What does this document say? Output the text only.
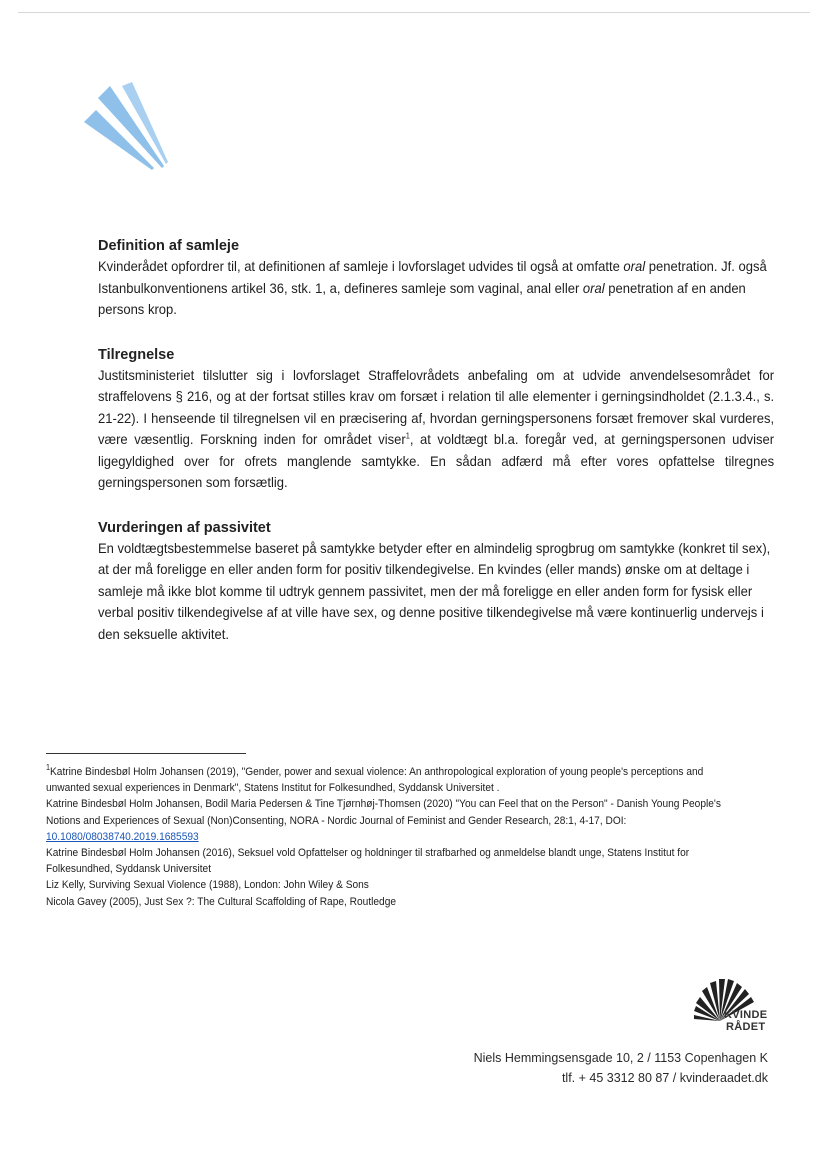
Definition af samleje
Kvinderådet opfordrer til, at definitionen af samleje i lovforslaget udvides til også at omfatte oral penetration. Jf. også Istanbulkonventionens artikel 36, stk. 1, a, defineres samleje som vaginal, anal eller oral penetration af en anden persons krop.
Tilregnelse
Justitsministeriet tilslutter sig i lovforslaget Straffelovrådets anbefaling om at udvide anvendelsesområdet for straffelovens § 216, og at der fortsat stilles krav om forsæt i relation til alle elementer i gerningsindholdet (2.1.3.4., s. 21-22). I henseende til tilregnelsen vil en præcisering af, hvordan gerningspersonens forsæt fremover skal vurderes, være væsentlig. Forskning inden for området viser$^1$, at voldtægt bl.a. foregår ved, at gerningspersonen udviser ligegyldighed over for ofrets manglende samtykke. En sådan adfærd må efter vores opfattelse tilregnes gerningspersonen som forsætlig.
Vurderingen af passivitet
En voldtægtsbestemmelse baseret på samtykke betyder efter en almindelig sprogbrug om samtykke (konkret til sex), at der må foreligge en eller anden form for positiv tilkendegivelse. En kvindes (eller mands) ønske om at deltage i samleje må ikke blot komme til udtryk gennem passivitet, men der må foreligge en eller anden form for fysisk eller verbal positiv tilkendegivelse af at ville have sex, og denne positive tilkendegivelse må være kontinuerlig undervejs i den seksuelle aktivitet.

$^1$Katrine Bindesbøl Holm Johansen (2019), "Gender, power and sexual violence: An anthropological exploration of young people's perceptions and unwanted sexual experiences in Denmark", Statens Institut for Folkesundhed, Syddansk Universitet .

Katrine Bindesbøl Holm Johansen, Bodil Maria Pedersen & Tine Tjørnhøj-Thomsen (2020) "You can Feel that on the Person" - Danish Young People's Notions and Experiences of Sexual (Non)Consenting, NORA - Nordic Journal of Feminist and Gender Research, 28:1, 4-17, DOI: 10.1080/08038740.2019.1685593

Katrine Bindesbøl Holm Johansen (2016), Seksuel vold Opfattelser og holdninger til strafbarhed og anmeldelse blandt unge, Statens Institut for Folkesundhed, Syddansk Universitet

Liz Kelly, Surviving Sexual Violence (1988), London: John Wiley & Sons

Nicola Gavey (2005), Just Sex ?: The Cultural Scaffolding of Rape, Routledge

KVINDE
RÅDET
Niels Hemmingsensgade 10, 2 / 1153 Copenhagen K
tlf. + 45 3312 80 87 / kvinderaadet.dk
